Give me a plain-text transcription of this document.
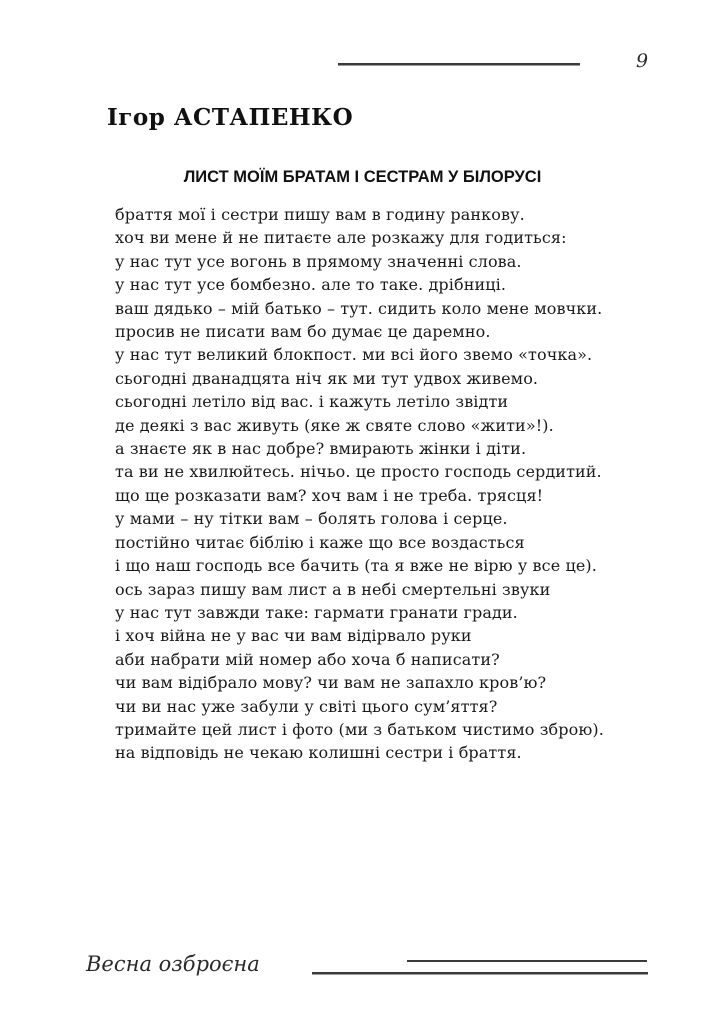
9
Ігор АСТАПЕНКО
ЛИСТ МОЇМ БРАТАМ І СЕСТРАМ У БІЛОРУСІ
браття мої і сестри пишу вам в годину ранкову.
хоч ви мене й не питаєте але розкажу для годиться:
у нас тут усе вогонь в прямому значенні слова.
у нас тут усе бомбезно. але то таке. дрібниці.
ваш дядько – мій батько – тут. сидить коло мене мовчки.
просив не писати вам бо думає це даремно.
у нас тут великий блокпост. ми всі його звемо «точка».
сьогодні дванадцята ніч як ми тут удвох живемо.
сьогодні летіло від вас. і кажуть летіло звідти
де деякі з вас живуть (яке ж святе слово «жити»!).
а знаєте як в нас добре? вмирають жінки і діти.
та ви не хвилюйтесь. нічьо. це просто господь сердитий.
що ще розказати вам? хоч вам і не треба. трясця!
у мами – ну тітки вам – болять голова і серце.
постійно читає біблію і каже що все воздасться
і що наш господь все бачить (та я вже не вірю у все це).
ось зараз пишу вам лист а в небі смертельні звуки
у нас тут завжди таке: гармати гранати гради.
і хоч війна не у вас чи вам відірвало руки
аби набрати мій номер або хоча б написати?
чи вам відібрало мову? чи вам не запахло кров’ю?
чи ви нас уже забули у світі цього сум’яття?
тримайте цей лист і фото (ми з батьком чистимо зброю).
на відповідь не чекаю колишні сестри і браття.
Весна озброєна
